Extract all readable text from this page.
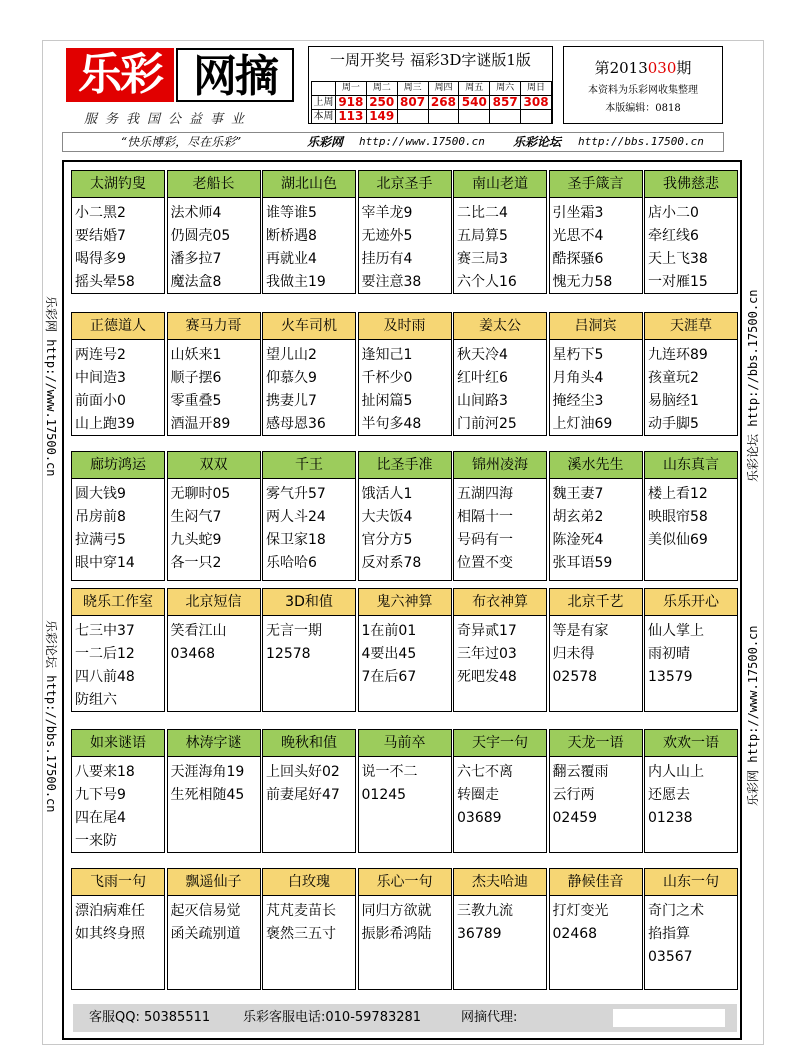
乐彩 网摘
服务我国公益事业
一周开奖号 福彩3D字谜版1版
	周一	周二	周三	周四	周五	周六	周日
上周	918	250	807	268	540	857	308
本周	113	149					
第2013030期
本资料为乐彩网收集整理
本版编辑：0818
“快乐博彩，尽在乐彩”	乐彩网 http://www.17500.cn 乐彩论坛 http://bbs.17500.cn
乐彩网 http://www.17500.cn
乐彩论坛 http://bbs.17500.cn
乐彩论坛 http://bbs.17500.cn
乐彩网 http://www.17500.cn
太湖钓叟
小二黑2
要结婚7
喝得多9
摇头晕58
老船长
法术师4
仍圆壳05
潘多拉7
魔法盒8
湖北山色
谁等谁5
断桥遇8
再就业4
我做主19
北京圣手
宰羊龙9
无迹外5
挂历有4
要注意38
南山老道
二比二4
五局算5
赛三局3
六个人16
圣手箴言
引坐霜3
光思不4
酷探骚6
愧无力58
我佛慈悲
店小二0
牵红线6
天上飞38
一对雁15
正德道人
两连号2
中间造3
前面小0
山上跑39
赛马力哥
山妖来1
顺子摆6
零重叠5
酒温开89
火车司机
望儿山2
仰慕久9
携妻儿7
感母恩36
及时雨
逢知己1
千杯少0
扯闲篇5
半句多48
姜太公
秋天冷4
红叶红6
山间路3
门前河25
吕洞宾
星朽下5
月角头4
掩经尘3
上灯油69
天涯草
九连环89
孩童玩2
易脑经1
动手脚5
廊坊鸿运
圆大钱9
吊房前8
拉满弓5
眼中穿14
双双
无聊时05
生闷气7
九头蛇9
各一只2
千王
雾气升57
两人斗24
保卫家18
乐哈哈6
比圣手准
饿活人1
大夫饭4
官分方5
反对系78
锦州凌海
五湖四海
相隔十一
号码有一
位置不变
溪水先生
魏王妻7
胡玄弟2
陈淦死4
张耳语59
山东真言
楼上看12
映眼帘58
美似仙69
晓乐工作室
七三中37
一二后12
四八前48
防组六
北京短信
笑看江山
03468
3D和值
无言一期
12578
鬼六神算
1在前01
4要出45
7在后67
布衣神算
奇异贰17
三年过03
死吧发48
北京千艺
等是有家
归未得
02578
乐乐开心
仙人掌上
雨初晴
13579
如来谜语
八要来18
九下号9
四在尾4
一来防
林涛字谜
天涯海角19
生死相随45
晚秋和值
上回头好02
前妻尾好47
马前卒
说一不二
01245
天宇一句
六七不离
转圈走
03689
天龙一语
翻云覆雨
云行两
02459
欢欢一语
内人山上
还愿去
01238
飞雨一句
漂泊病难任
如其终身照
飘遥仙子
起灭信易觉
函关疏别道
白玫瑰
芃芃麦苗长
褒然三五寸
乐心一句
同归方欲就
振影希鸿陆
杰夫哈迪
三教九流
36789
静候佳音
打灯变光
02468
山东一句
奇门之术
掐指算
03567
客服QQ: 50385511	乐彩客服电话:010-59783281	网摘代理:
